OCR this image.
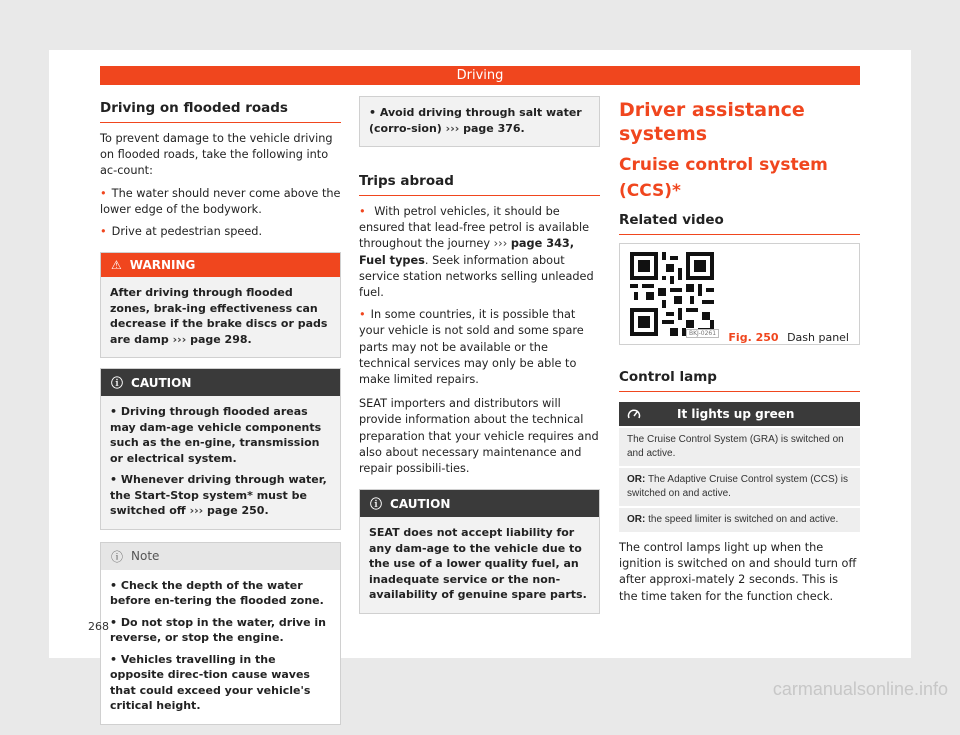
Driving
Driving on flooded roads

To prevent damage to the vehicle driving on flooded roads, take the following into ac-count:

• The water should never come above the lower edge of the bodywork.

• Drive at pedestrian speed.

⚠ WARNING

After driving through flooded zones, brak-ing effectiveness can decrease if the brake discs or pads are damp ››› page 298.

ⓘ CAUTION

• Driving through flooded areas may dam-age vehicle components such as the en-gine, transmission or electrical system.

• Whenever driving through water, the Start-Stop system* must be switched off ››› page 250.

ⓘ Note

• Check the depth of the water before en-tering the flooded zone.

• Do not stop in the water, drive in reverse, or stop the engine.

• Vehicles travelling in the opposite direc-tion cause waves that could exceed your vehicle's critical height.

• Avoid driving through salt water (corro-sion) ››› page 376.

Trips abroad

• With petrol vehicles, it should be ensured that lead-free petrol is available throughout the journey ››› page 343, Fuel types. Seek information about service station networks selling unleaded fuel.

• In some countries, it is possible that your vehicle is not sold and some spare parts may not be available or the technical services may only be able to make limited repairs.

SEAT importers and distributors will provide information about the technical preparation that your vehicle requires and also about necessary maintenance and repair possibili-ties.

ⓘ CAUTION

SEAT does not accept liability for any dam-age to the vehicle due to the use of a lower quality fuel, an inadequate service or the non-availability of genuine spare parts.

Driver assistance systems
Cruise control system (CCS)*
Related video
BKJ-0261 Fig. 250 Dash panel
Control lamp
It lights up green
The Cruise Control System (GRA) is switched on and active.
OR: The Adaptive Cruise Control system (CCS) is switched on and active.
OR: the speed limiter is switched on and active.

The control lamps light up when the ignition is switched on and should turn off after approxi-mately 2 seconds. This is the time taken for the function check.

268
carmanualsonline.info
